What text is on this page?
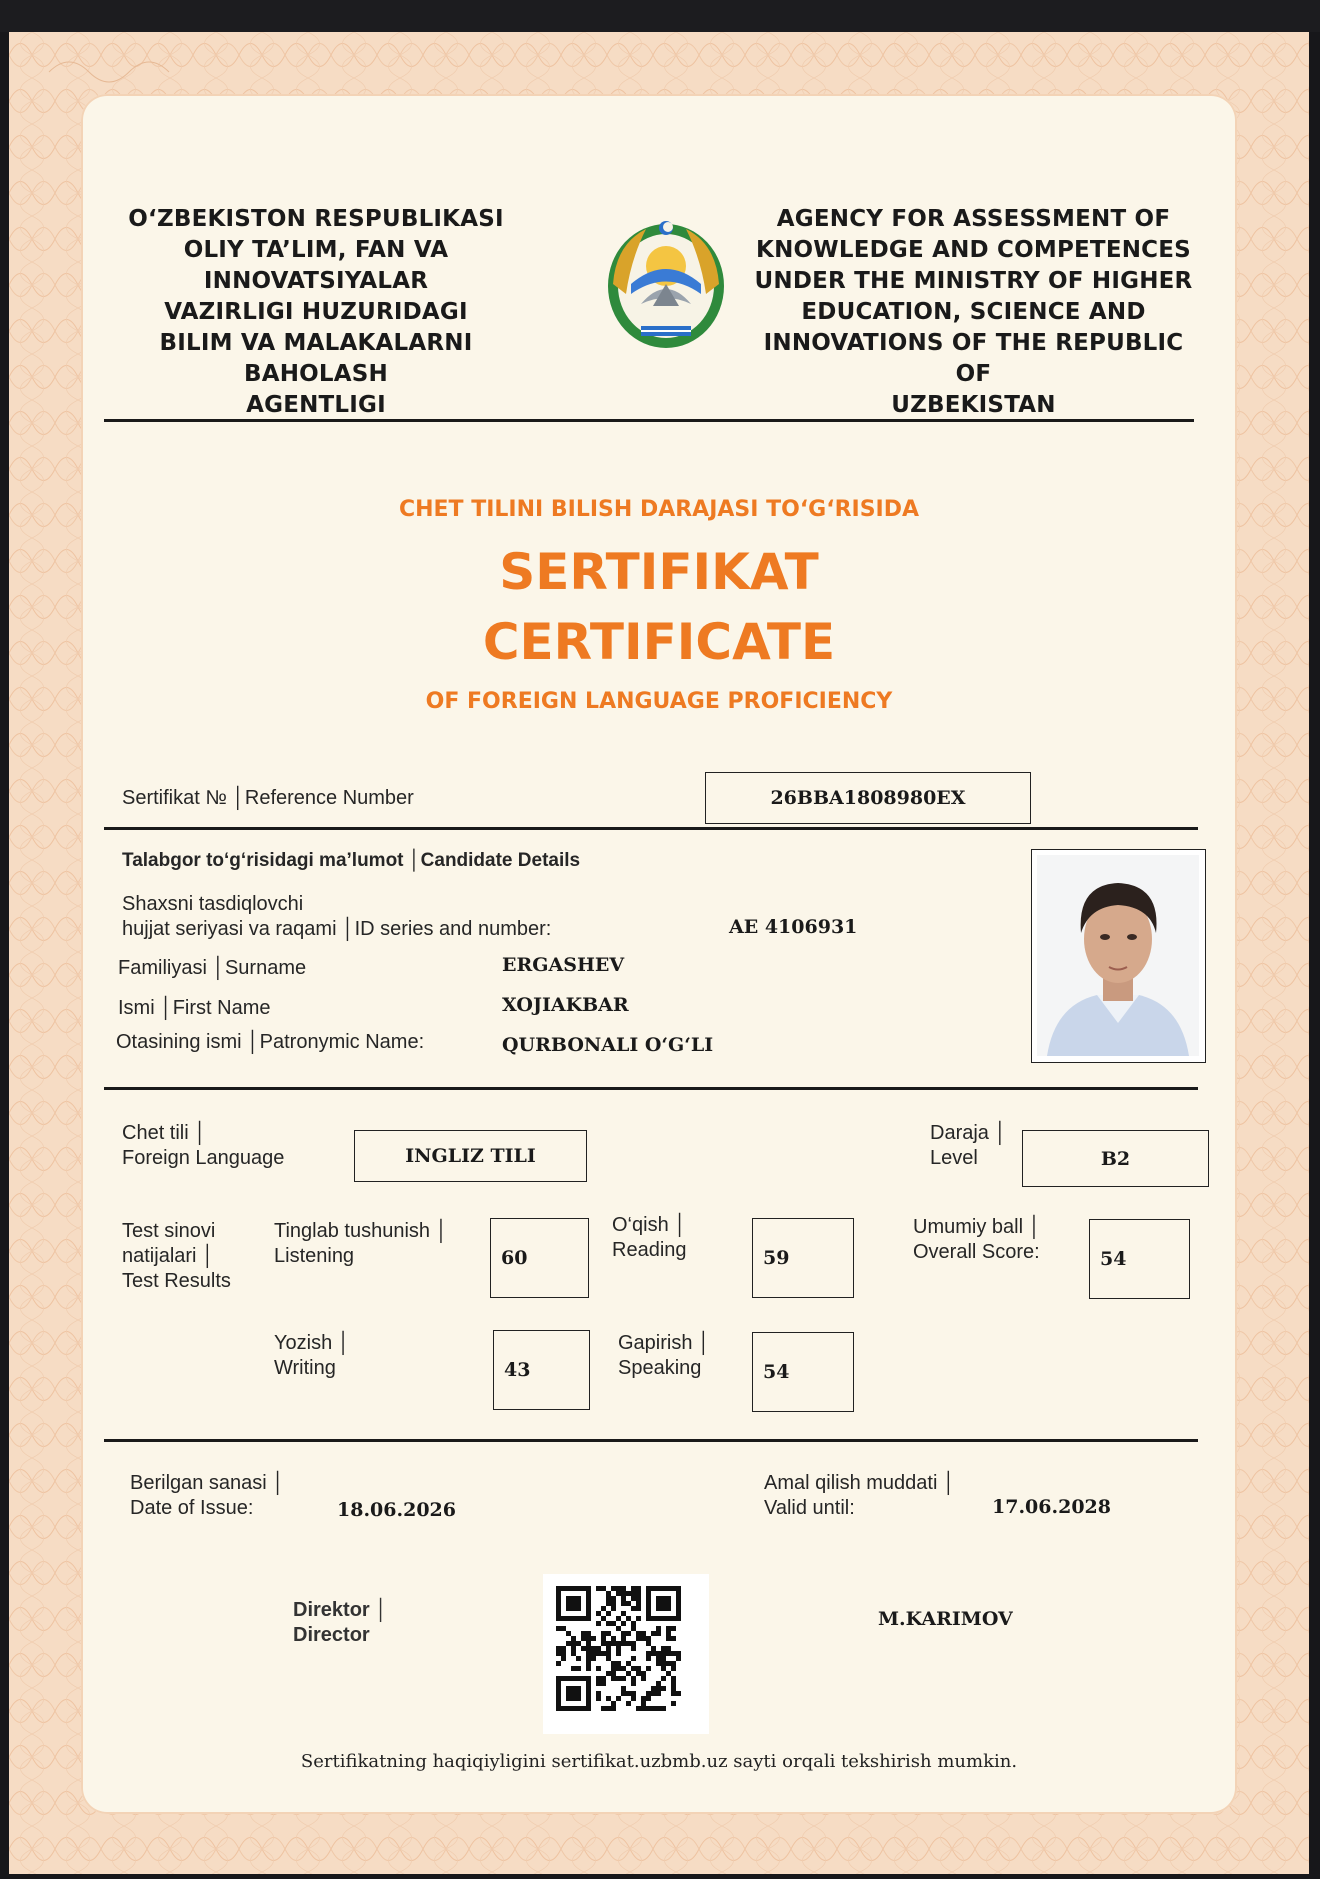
O‘ZBEKISTON RESPUBLIKASI
OLIY TA’LIM, FAN VA INNOVATSIYALAR
VAZIRLIGI HUZURIDAGI
BILIM VA MALAKALARNI BAHOLASH
AGENTLIGI
AGENCY FOR ASSESSMENT OF
KNOWLEDGE AND COMPETENCES
UNDER THE MINISTRY OF HIGHER
EDUCATION, SCIENCE AND
INNOVATIONS OF THE REPUBLIC OF
UZBEKISTAN
CHET TILINI BILISH DARAJASI TO‘G‘RISIDA
SERTIFIKAT
CERTIFICATE
OF FOREIGN LANGUAGE PROFICIENCY
Sertifikat № │Reference Number	26BBA1808980EX
Talabgor to‘g‘risidagi ma’lumot │Candidate Details
Shaxsni tasdiqlovchi
hujjat seriyasi va raqami │ID series and number:	AE 4106931
Familiyasi │Surname	ERGASHEV
Ismi │First Name	XOJIAKBAR
Otasining ismi │Patronymic Name:	QURBONALI O‘G‘LI
Chet tili │
Foreign Language	INGLIZ TILI
Daraja │
Level	B2
Test sinovi
natijalari │
Test Results
Tinglab tushunish │
Listening	60
O‘qish │
Reading	59
Umumiy ball │
Overall Score:	54
Yozish │
Writing	43
Gapirish │
Speaking	54
Berilgan sanasi │
Date of Issue:	18.06.2026
Amal qilish muddati │
Valid until:	17.06.2028
Direktor │
Director
M.KARIMOV
Sertifikatning haqiqiyligini sertifikat.uzbmb.uz sayti orqali tekshirish mumkin.
